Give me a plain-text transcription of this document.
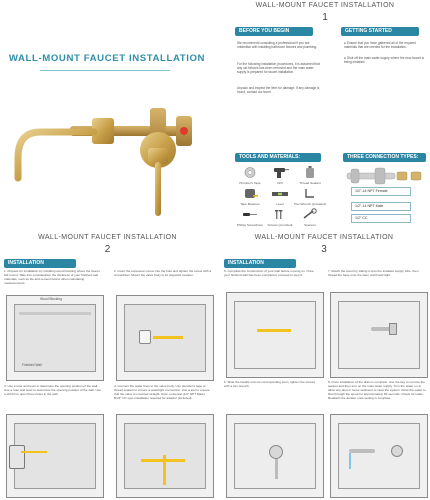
WALL-MOUNT FAUCET INSTALLATION
WALL-MOUNT FAUCET INSTALLATION
1
BEFORE YOU BEGIN
We recommend consulting a professional if you are unfamiliar with installing bathroom fixtures and plumbing.
For the following installation procedures, it is assumed that any old fixtures has been removed and the main water supply is prepared for faucet installation.
Unpack and inspect the item for damage. If any damage is found, contact our team.
GETTING STARTED
● Ensure that you have gathered all of the required materials that are needed for the installation.
● Shut off the main water supply where the new faucet is being installed.
TOOLS AND MATERIALS:
Plumber's Tape	Drill	Thread Sealant
Tape Measure	Level	Hex Wrench (provided)
Philips Screwdriver	Screws (provided)	Spanner
THREE CONNECTION TYPES:
1/2"-14 NPT Female
1/2"-14 NPT Male
1/2" CC
WALL-MOUNT FAUCET INSTALLATION
2
INSTALLATION
1. Prepare for installation by installing wood blocking where the faucet will mount. Take into consideration the thickness of your finished wall materials, such as tile and cement board, when calculating measurements.
2. Insert the expansion screw into the hole and tighten the screw with a screwdriver. Mount the valve body in its prepared location.
Wood Blocking
Finished Wall
3. Use a ruler and level to determine the opening position of the wall. Use a ruler and level to determine the opening position of the wall. Use a drill bit to open three holes in the wall.
4. Connect the water lines to the valve body. Use plumber's tape or thread sealant to ensure a watertight connection. Use a tool to ensure that the valve is mounted straight. Note: universal (1/2" NPT Male) B1/2" CC type installation required for adaptor (included).
WALL-MOUNT FAUCET INSTALLATION
3
INSTALLATION
5. Complete the construction of your wall before moving on. Once your finished wall has been completed, proceed to step 6.
7. Attach the spout by sliding it onto the installed supply tube, then thread the base onto the stem until hand tight.
6. Slide the handle onto its corresponding stem, tighten the screws with a hex wrench.
8. Once installation of the drain is complete. Use the key to remove the aerator and then turn on the main water supply. Turn the water on to allow any dust or loose sediment to clear the system. Allow the water to flow through the spout for approximately 60 seconds. Check for leaks. Reattach the aerator once testing is complete.
